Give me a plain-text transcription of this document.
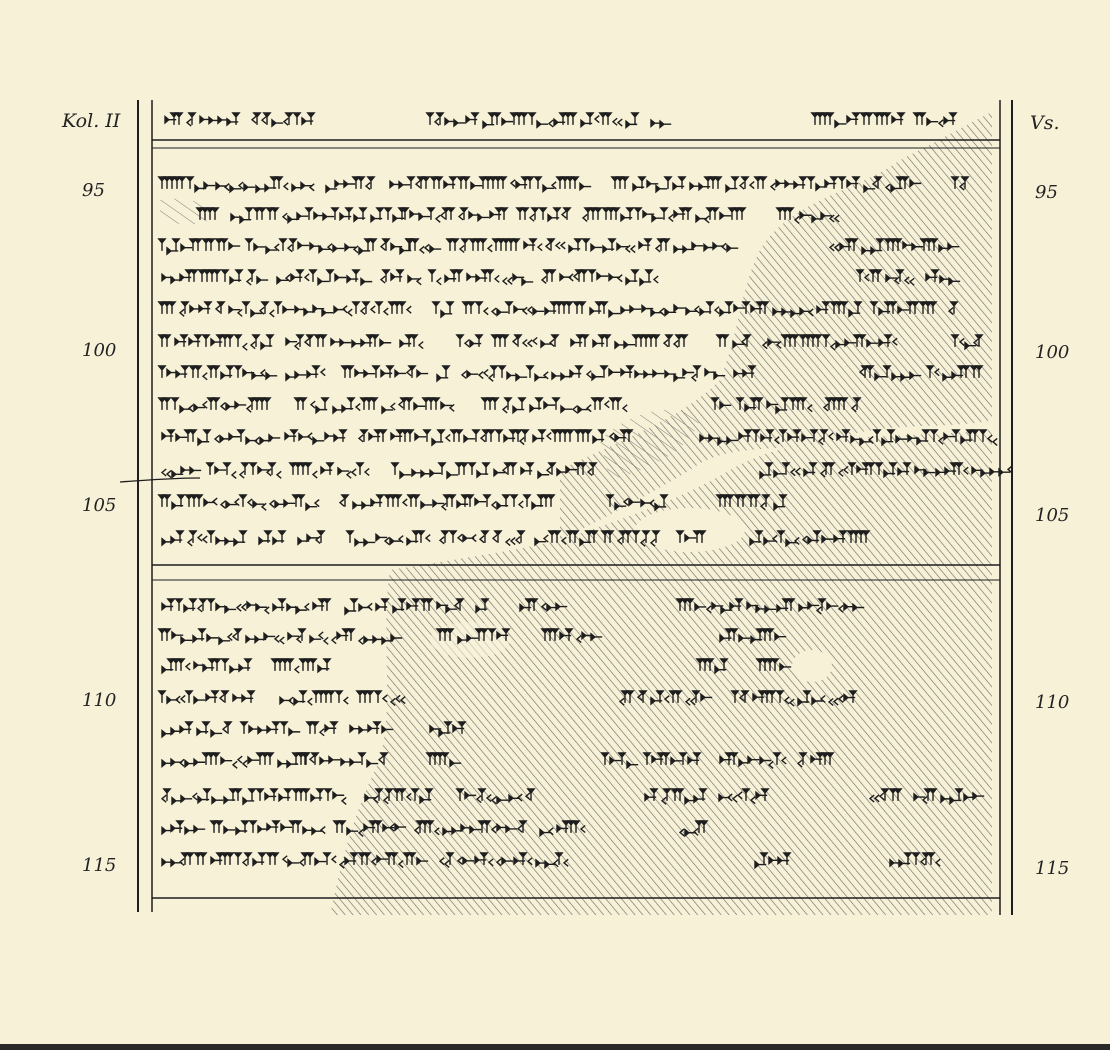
Kol. II	Vs.
95
100
105
110
115
95
100
105
110
115
